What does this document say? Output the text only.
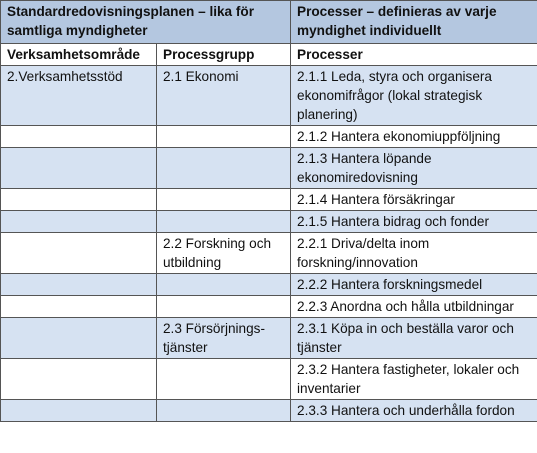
Standardredovisningsplanen – lika för samtliga myndigheter		Processer – definieras av varje myndighet individuellt
Verksamhetsområde	Processgrupp	Processer
2.Verksamhetsstöd	2.1 Ekonomi	2.1.1 Leda, styra och organisera ekonomifrågor (lokal strategisk planering)
		2.1.2 Hantera ekonomiuppföljning
		2.1.3 Hantera löpande ekonomiredovisning
		2.1.4 Hantera försäkringar
		2.1.5 Hantera bidrag och fonder
	2.2 Forskning och utbildning	2.2.1 Driva/delta inom forskning/innovation
		2.2.2 Hantera forskningsmedel
		2.2.3 Anordna och hålla utbildningar
	2.3 Försörjnings-tjänster	2.3.1 Köpa in och beställa varor och tjänster
		2.3.2 Hantera fastigheter, lokaler och inventarier
		2.3.3 Hantera och underhålla fordon
